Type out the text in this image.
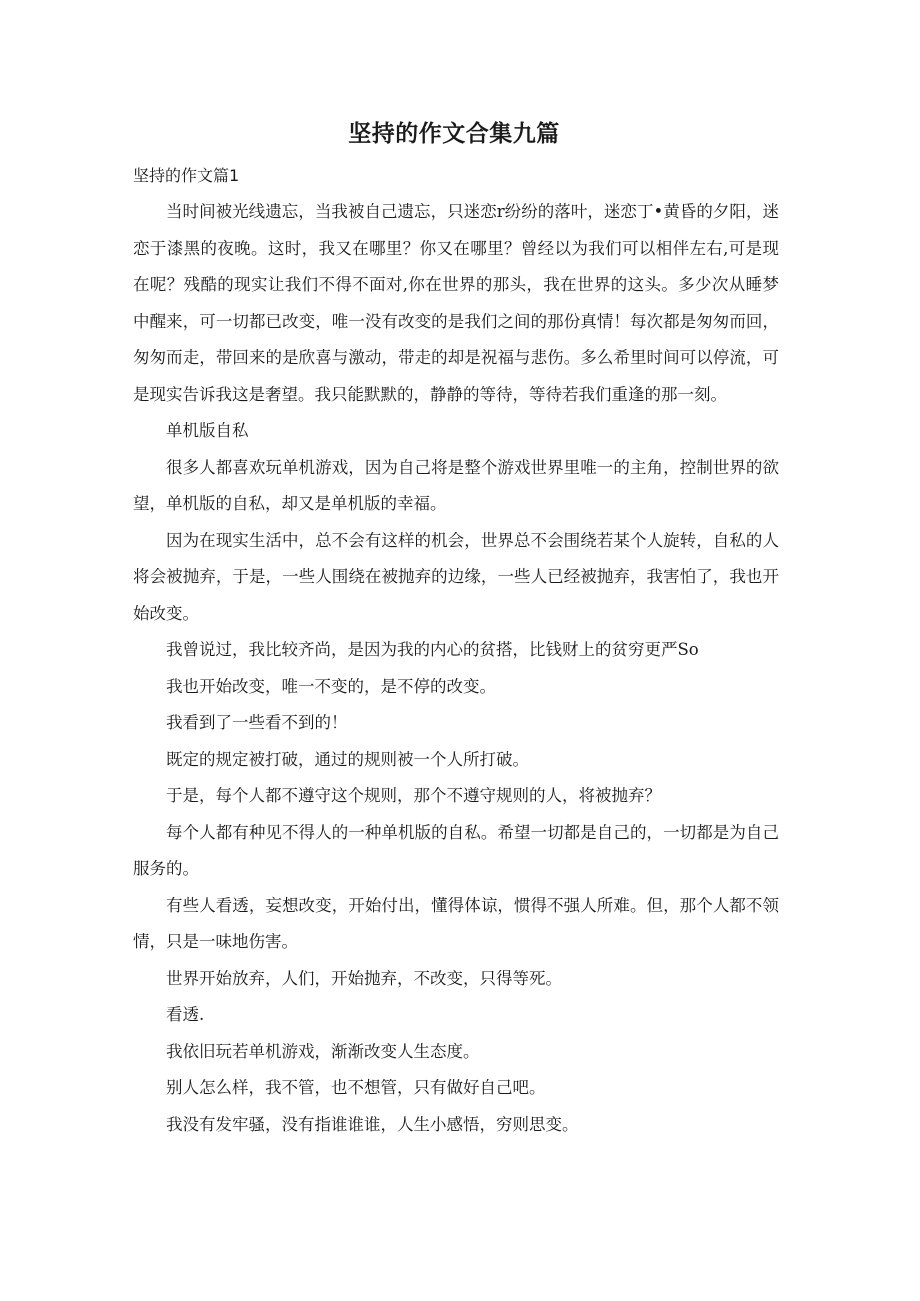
坚持的作文合集九篇
坚持的作文篇1

当时间被光线遗忘，当我被自己遗忘，只迷恋r纷纷的落叶，迷恋丁•黄昏的夕阳，迷恋于漆黑的夜晚。这时，我又在哪里？你又在哪里？曾经以为我们可以相伴左右,可是现在呢？残酷的现实让我们不得不面对,你在世界的那头，我在世界的这头。多少次从睡梦中醒来，可一切都已改变，唯一没有改变的是我们之间的那份真情！每次都是匆匆而回，匆匆而走，带回来的是欣喜与激动，带走的却是祝福与悲伤。多么希里时间可以停流，可是现实告诉我这是奢望。我只能默默的，静静的等待，等待若我们重逢的那一刻。

单机版自私

很多人都喜欢玩单机游戏，因为自己将是整个游戏世界里唯一的主角，控制世界的欲望，单机版的自私，却又是单机版的幸福。

因为在现实生活中，总不会有这样的机会，世界总不会围绕若某个人旋转，自私的人将会被抛弃，于是，一些人围绕在被抛弃的边缘，一些人已经被抛弃，我害怕了，我也开始改变。

我曾说过，我比较齐尚，是因为我的内心的贫搭，比钱财上的贫穷更严So

我也开始改变，唯一不变的，是不停的改变。

我看到了一些看不到的！

既定的规定被打破，通过的规则被一个人所打破。

于是，每个人都不遵守这个规则，那个不遵守规则的人，将被抛弃？

每个人都有种见不得人的一种单机版的自私。希望一切都是自己的，一切都是为自己服务的。

有些人看透，妄想改变，开始付出，懂得体谅，惯得不强人所难。但，那个人都不领情，只是一味地伤害。

世界开始放弃，人们，开始抛弃，不改变，只得等死。

看透.

我依旧玩若单机游戏，渐渐改变人生态度。

别人怎么样，我不管，也不想管，只有做好自己吧。

我没有发牢骚，没有指谁谁谁，人生小感悟，穷则思变。
